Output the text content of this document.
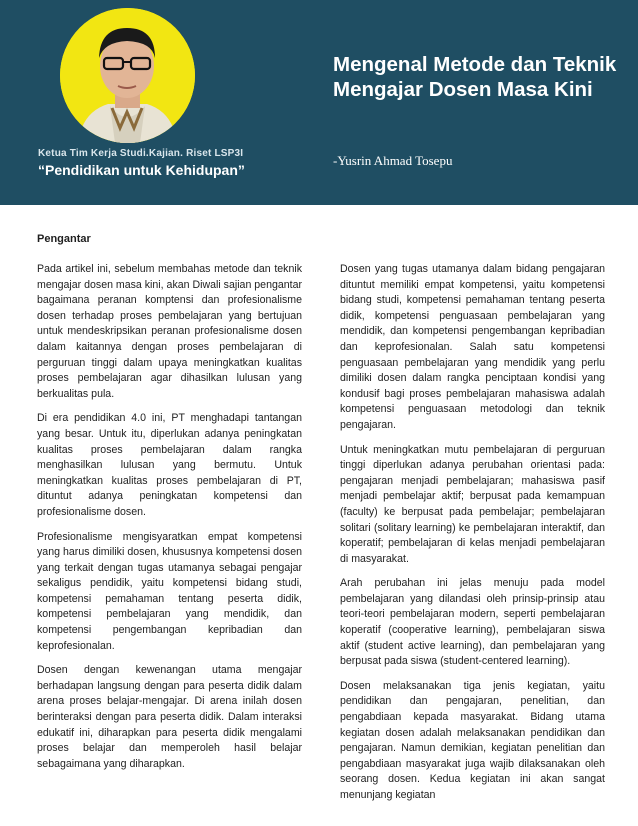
Ketua Tim Kerja Studi.Kajian. Riset LSP3I
“Pendidikan untuk Kehidupan”
Mengenal Metode dan Teknik Mengajar Dosen Masa Kini
-Yusrin Ahmad Tosepu
Pengantar

Pada artikel ini, sebelum membahas metode dan teknik mengajar dosen masa kini, akan Diwali sajian pengantar bagaimana peranan komptensi dan profesionalisme dosen terhadap proses pembelajaran yang bertujuan untuk mendeskripsikan peranan profesionalisme dosen dalam kaitannya dengan proses pembelajaran di perguruan tinggi dalam upaya meningkatkan kualitas proses pembelajaran agar dihasilkan lulusan yang berkualitas pula.

Di era pendidikan 4.0 ini, PT menghadapi tantangan yang besar. Untuk itu, diperlukan adanya peningkatan kualitas proses pembelajaran dalam rangka menghasilkan lulusan yang bermutu. Untuk meningkatkan kualitas proses pembelajaran di PT, dituntut adanya peningkatan kompetensi dan profesionalisme dosen.

Profesionalisme mengisyaratkan empat kompetensi yang harus dimiliki dosen, khususnya kompetensi dosen yang terkait dengan tugas utamanya sebagai pengajar sekaligus pendidik, yaitu kompetensi bidang studi, kompetensi pemahaman tentang peserta didik, kompetensi pembelajaran yang mendidik, dan kompetensi pengembangan kepribadian dan keprofesionalan.

Dosen dengan kewenangan utama mengajar berhadapan langsung dengan para peserta didik dalam arena proses belajar-mengajar. Di arena inilah dosen berinteraksi dengan para peserta didik. Dalam interaksi edukatif ini, diharapkan para peserta didik mengalami proses belajar dan memperoleh hasil belajar sebagaimana yang diharapkan.

Dosen yang tugas utamanya dalam bidang pengajaran dituntut memiliki empat kompetensi, yaitu kompetensi bidang studi, kompetensi pemahaman tentang peserta didik, kompetensi penguasaan pembelajaran yang mendidik, dan kompetensi pengembangan kepribadian dan keprofesionalan. Salah satu kompetensi penguasaan pembelajaran yang mendidik yang perlu dimiliki dosen dalam rangka penciptaan kondisi yang kondusif bagi proses pembelajaran mahasiswa adalah kompetensi penguasaan metodologi dan teknik pengajaran.

Untuk meningkatkan mutu pembelajaran di perguruan tinggi diperlukan adanya perubahan orientasi pada: pengajaran menjadi pembelajaran; mahasiswa pasif menjadi pembelajar aktif; berpusat pada kemampuan (faculty) ke berpusat pada pembelajar; pembelajaran solitari (solitary learning) ke pembelajaran interaktif, dan koperatif; pembelajaran di kelas menjadi pembelajaran di masyarakat.

Arah perubahan ini jelas menuju pada model pembelajaran yang dilandasi oleh prinsip-prinsip atau teori-teori pembelajaran modern, seperti pembelajaran koperatif (cooperative learning), pembelajaran siswa aktif (student active learning), dan pembelajaran yang berpusat pada siswa (student-centered learning).

Dosen melaksanakan tiga jenis kegiatan, yaitu pendidikan dan pengajaran, penelitian, dan pengabdiaan kepada masyarakat. Bidang utama kegiatan dosen adalah melaksanakan pendidikan dan pengajaran. Namun demikian, kegiatan penelitian dan pengabdiaan masyarakat juga wajib dilaksanakan oleh seorang dosen. Kedua kegiatan ini akan sangat menunjang kegiatan
